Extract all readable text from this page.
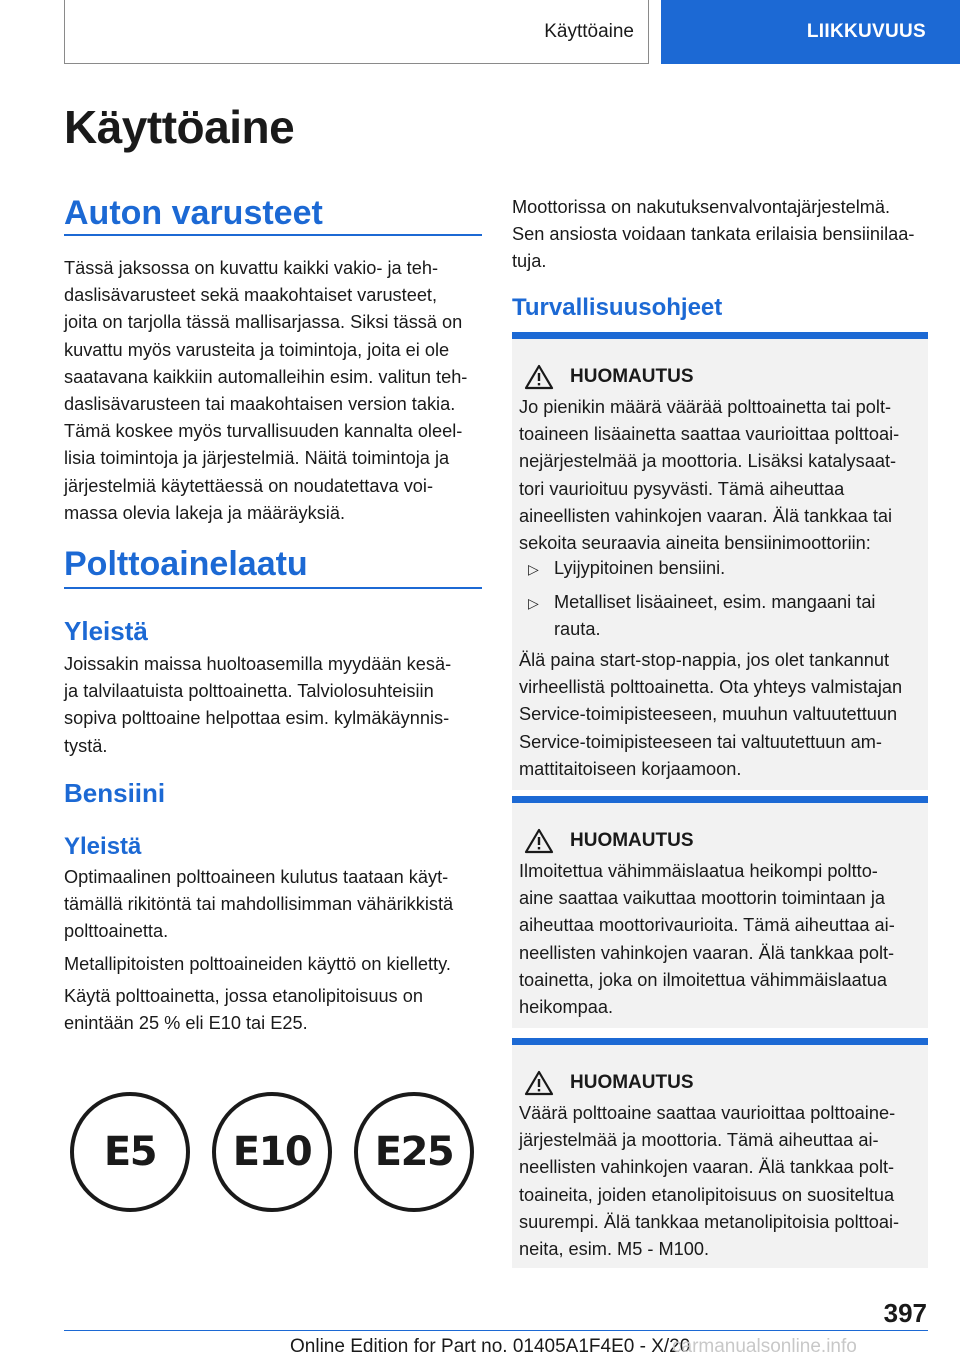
Käyttöaine	LIIKKUVUUS
Käyttöaine
Auton varusteet
Tässä jaksossa on kuvattu kaikki vakio- ja teh-
daslisävarusteet sekä maakohtaiset varusteet,
joita on tarjolla tässä mallisarjassa. Siksi tässä on
kuvattu myös varusteita ja toimintoja, joita ei ole
saatavana kaikkiin automalleihin esim. valitun teh-
daslisävarusteen tai maakohtaisen version takia.
Tämä koskee myös turvallisuuden kannalta oleel-
lisia toimintoja ja järjestelmiä. Näitä toimintoja ja
järjestelmiä käytettäessä on noudatettava voi-
massa olevia lakeja ja määräyksiä.
Polttoainelaatu
Yleistä
Joissakin maissa huoltoasemilla myydään kesä-
ja talvilaatuista polttoainetta. Talviolosuhteisiin
sopiva polttoaine helpottaa esim. kylmäkäynnis-
tystä.
Bensiini
Yleistä
Optimaalinen polttoaineen kulutus taataan käyt-
tämällä rikitöntä tai mahdollisimman vähärikkistä
polttoainetta.
Metallipitoisten polttoaineiden käyttö on kielletty.
Käytä polttoainetta, jossa etanolipitoisuus on
enintään 25 % eli E10 tai E25.
E5 E10 E25
Moottorissa on nakutuksenvalvontajärjestelmä.
Sen ansiosta voidaan tankata erilaisia bensiinilaa-
tuja.
Turvallisuusohjeet
HUOMAUTUS
Jo pienikin määrä väärää polttoainetta tai polt-
toaineen lisäainetta saattaa vaurioittaa polttoai-
nejärjestelmää ja moottoria. Lisäksi katalysaat-
tori vaurioituu pysyvästi. Tämä aiheuttaa
aineellisten vahinkojen vaaran. Älä tankkaa tai
sekoita seuraavia aineita bensiinimoottoriin:
▷ Lyijypitoinen bensiini.
▷ Metalliset lisäaineet, esim. mangaani tai
rauta.
Älä paina start-stop-nappia, jos olet tankannut
virheellistä polttoainetta. Ota yhteys valmistajan
Service-toimipisteeseen, muuhun valtuutettuun
Service-toimipisteeseen tai valtuutettuun am-
mattitaitoiseen korjaamoon.
HUOMAUTUS
Ilmoitettua vähimmäislaatua heikompi poltto-
aine saattaa vaikuttaa moottorin toimintaan ja
aiheuttaa moottorivaurioita. Tämä aiheuttaa ai-
neellisten vahinkojen vaaran. Älä tankkaa polt-
toainetta, joka on ilmoitettua vähimmäislaatua
heikompaa.
HUOMAUTUS
Väärä polttoaine saattaa vaurioittaa polttoaine-
järjestelmää ja moottoria. Tämä aiheuttaa ai-
neellisten vahinkojen vaaran. Älä tankkaa polt-
toaineita, joiden etanolipitoisuus on suositeltua
suurempi. Älä tankkaa metanolipitoisia polttoai-
neita, esim. M5 - M100.
397
Online Edition for Part no. 01405A1F4E0 - X/20
carmanualsonline.info
